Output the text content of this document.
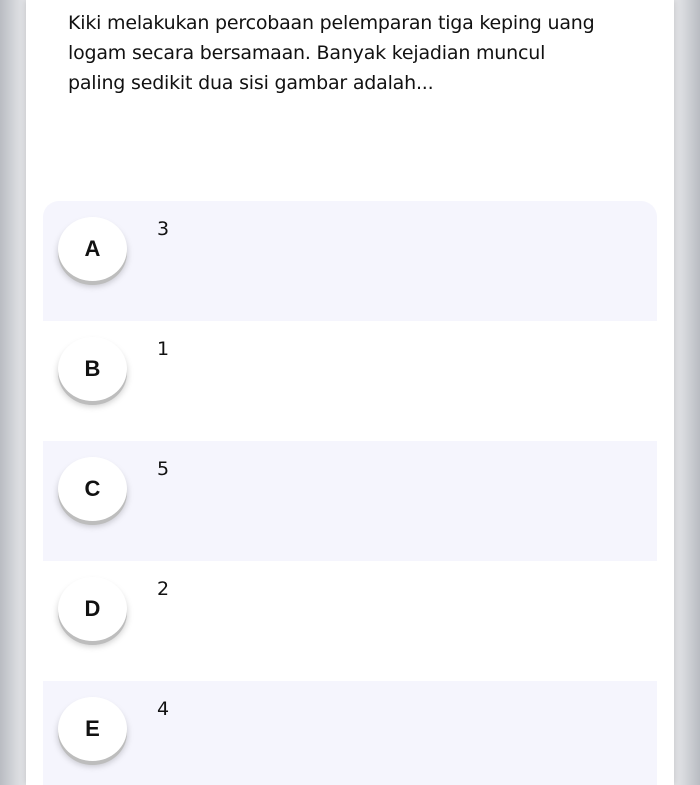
Kiki melakukan percobaan pelemparan tiga keping uang logam secara bersamaan. Banyak kejadian muncul paling sedikit dua sisi gambar adalah...

A
3
B
1
C
5
D
2
E
4
